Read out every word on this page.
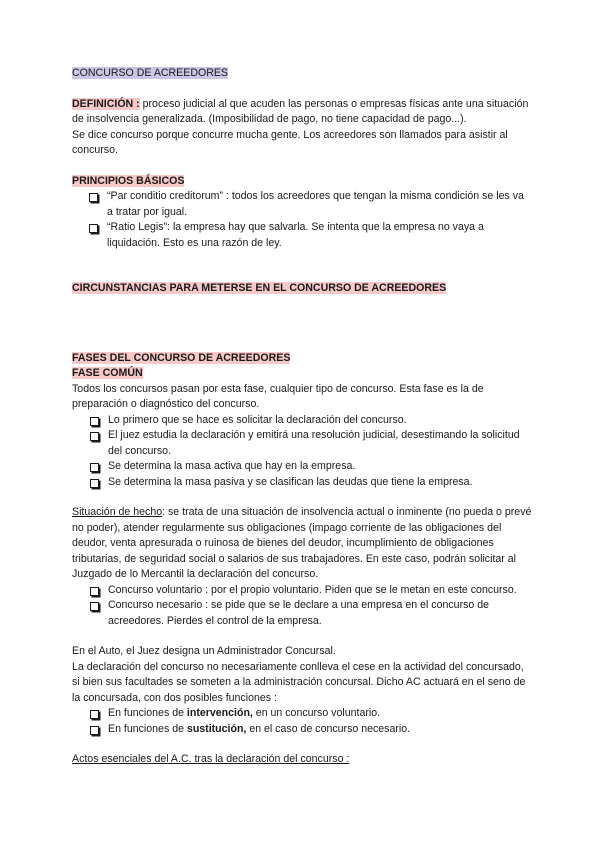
CONCURSO DE ACREEDORES

DEFINICIÓN : proceso judicial al que acuden las personas o empresas físicas ante una situación de insolvencia generalizada. (Imposibilidad de pago, no tiene capacidad de pago...).

Se dice concurso porque concurre mucha gente. Los acreedores son llamados para asistir al concurso.

PRINCIPIOS BÁSICOS

“Par conditio creditorum” : todos los acreedores que tengan la misma condición se les va a tratar por igual.
“Ratio Legis”: la empresa hay que salvarla. Se intenta que la empresa no vaya a liquidación. Esto es una razón de ley.

CIRCUNSTANCIAS PARA METERSE EN EL CONCURSO DE ACREEDORES

FASES DEL CONCURSO DE ACREEDORES

FASE COMÚN

Todos los concursos pasan por esta fase, cualquier tipo de concurso. Esta fase es la de preparación o diagnóstico del concurso.

Lo primero que se hace es solicitar la declaración del concurso.
El juez estudia la declaración y emitirá una resolución judicial, desestimando la solicitud del concurso.
Se determina la masa activa que hay en la empresa.
Se determina la masa pasiva y se clasifican las deudas que tiene la empresa.

Situación de hecho: se trata de una situación de insolvencia actual o inminente (no pueda o prevé no poder), atender regularmente sus obligaciones (impago corriente de las obligaciones del deudor, venta apresurada o ruinosa de bienes del deudor, incumplimiento de obligaciones tributarias, de seguridad social o salarios de sus trabajadores. En este caso, podrán solicitar al Juzgado de lo Mercantil la declaración del concurso.

Concurso voluntario : por el propio voluntario. Piden que se le metan en este concurso.
Concurso necesario : se pide que se le declare a una empresa en el concurso de acreedores. Pierdes el control de la empresa.

En el Auto, el Juez designa un Administrador Concursal.

La declaración del concurso no necesariamente conlleva el cese en la actividad del concursado, si bien sus facultades se someten a la administración concursal. Dicho AC actuará en el seno de la concursada, con dos posibles funciones :

En funciones de intervención, en un concurso voluntario.
En funciones de sustitución, en el caso de concurso necesario.

Actos esenciales del A.C. tras la declaración del concurso :
